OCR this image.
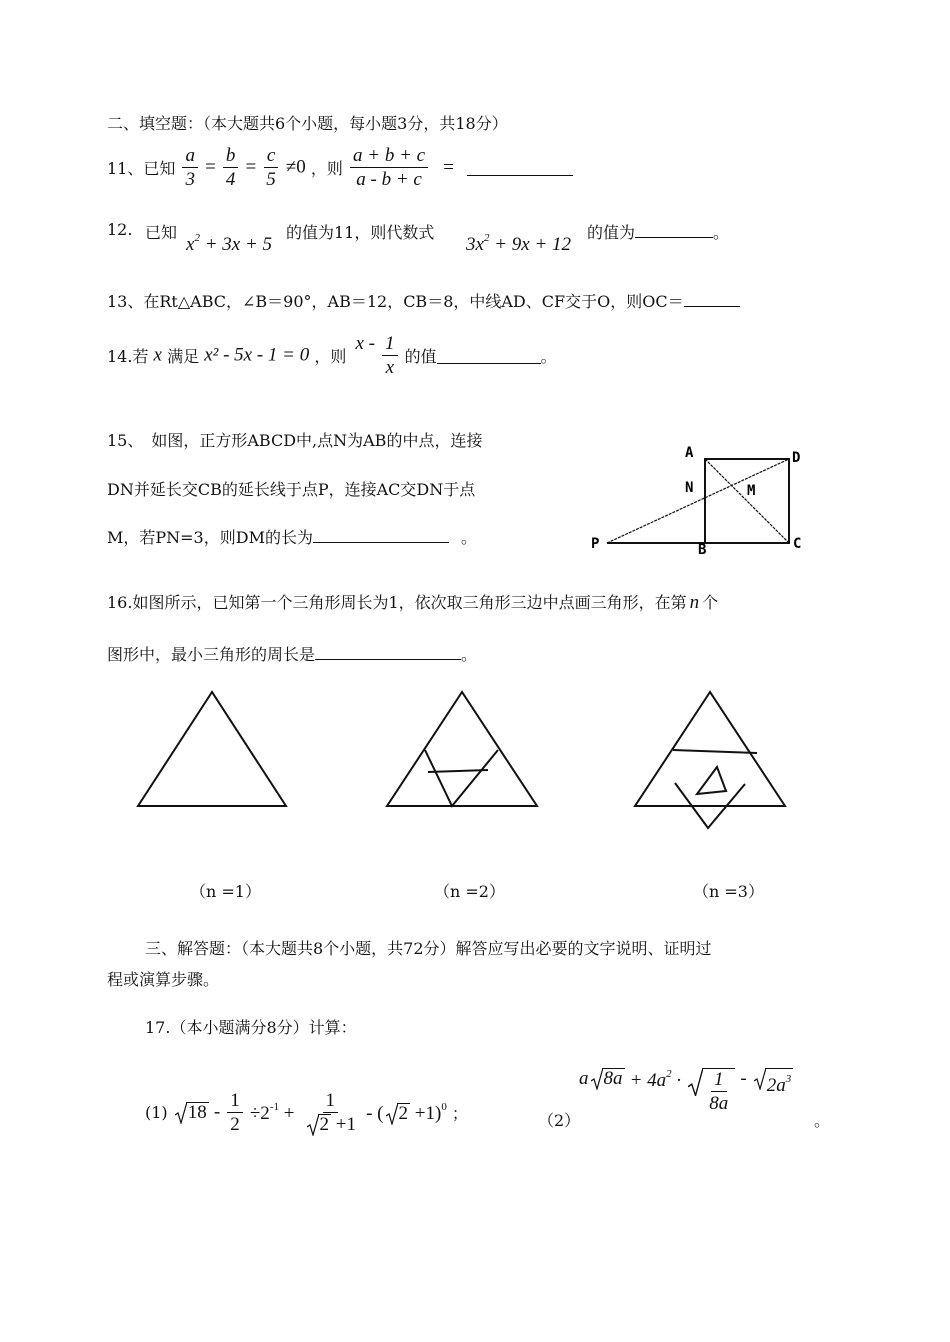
二、填空题：（本大题共6个小题，每小题3分，共18分）
11、已知 $\frac{a}{3} = \frac{b}{4} = \frac{c}{5} \ne 0$ ，则 $\frac{a + b + c}{a - b + c}$ =
12. 已知
$x^2 + 3x + 5$
的值为11，则代数式
$3x^2 + 9x + 12$
的值为	。
13、在Rt△ABC，∠B＝90°，AB＝12，CB＝8，中线AD、CF交于O，则OC＝
14.若 x 满足 x² - 5x - 1 = 0 ，则 x - $\frac{1}{x}$ 的值	。
15、　如图，正方形ABCD中,点N为AB的中点，连接
DN并延长交CB的延长线于点P，连接AC交DN于点
M，若PN=3，则DM的长为	。
A	D
N	M
P	B	C
16.如图所示，已知第一个三角形周长为1，依次取三角形三边中点画三角形，在第 n 个
图形中，最小三角形的周长是	。
（n =1）	（n =2）	（n =3）
三、解答题：（本大题共8个小题，共72分）解答应写出必要的文字说明、证明过
程或演算步骤。
17.（本小题满分8分）计算：
(1) $18 - \frac{1}{2} \div 2^{-1} + \frac{1}{2 +1}$ - ( 2 +1)$^0$ ；	（2）
a $8a + 4a^2 \cdot \frac{1}{8a} - 2a^3$
。
